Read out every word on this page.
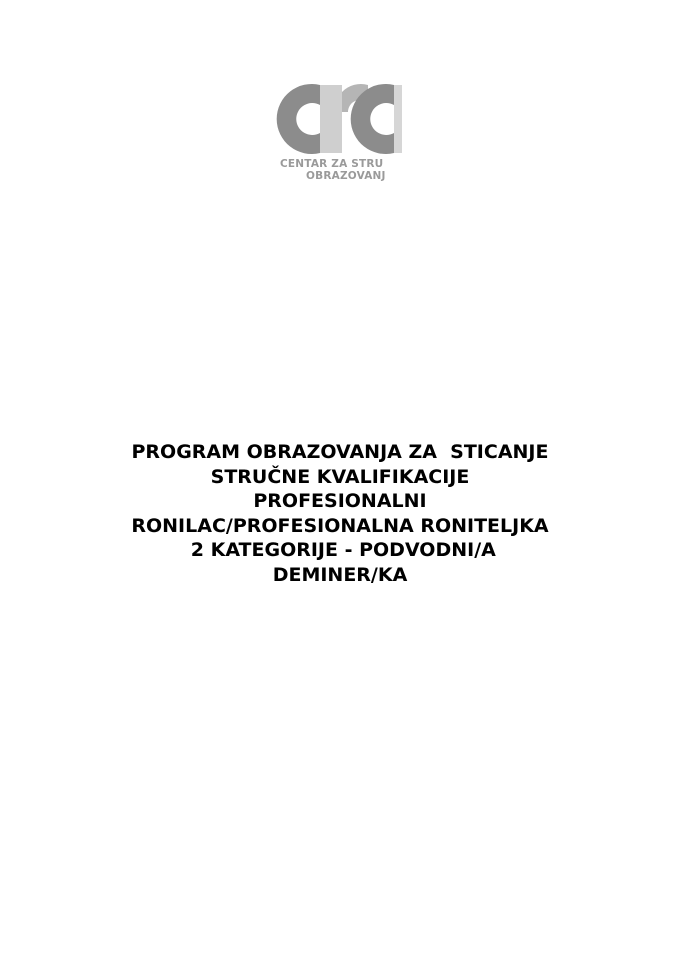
CENTAR ZA STRU
OBRAZOVANJ
PROGRAM OBRAZOVANJA ZA  STICANJE
STRUČNE KVALIFIKACIJE
PROFESIONALNI
RONILAC/PROFESIONALNA RONITELJKA
2 KATEGORIJE - PODVODNI/A
DEMINER/KA
